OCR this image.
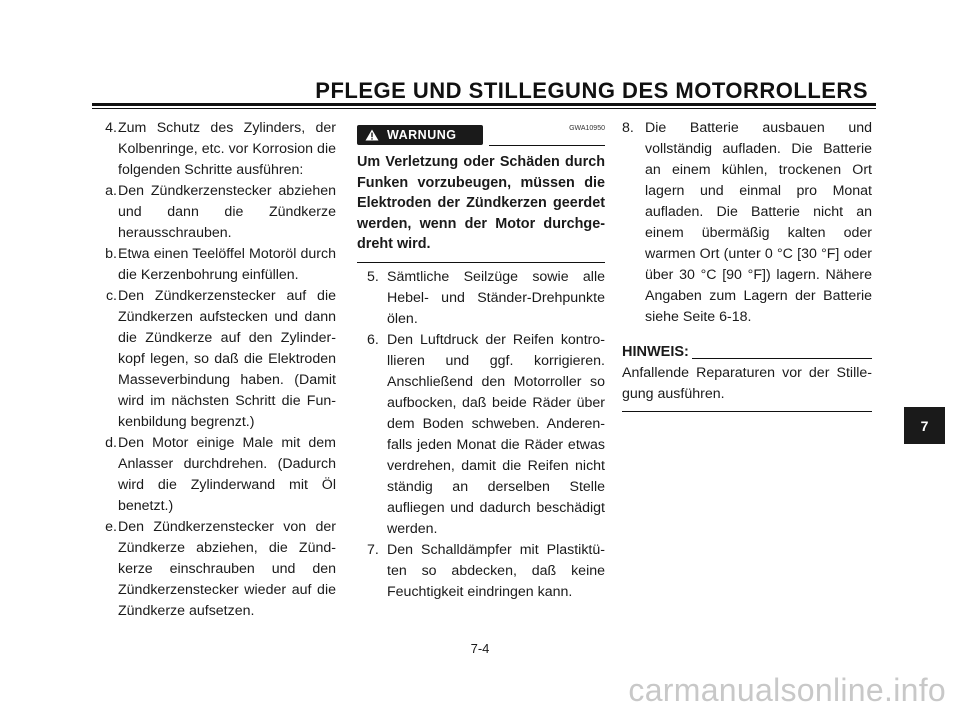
PFLEGE UND STILLEGUNG DES MOTORROLLERS
4. Zum Schutz des Zylinders, der Kolbenringe, etc. vor Korrosion die folgenden Schritte ausführen:
a. Den Zündkerzenstecker abziehen und dann die Zündkerze herausschrauben.
b. Etwa einen Teelöffel Motoröl durch die Kerzenbohrung einfüllen.
c. Den Zündkerzenstecker auf die Zündkerzen aufstecken und dann die Zündkerze auf den Zylinderkopf legen, so daß die Elektroden Masseverbindung haben. (Damit wird im nächsten Schritt die Funkenbildung begrenzt.)
d. Den Motor einige Male mit dem Anlasser durchdrehen. (Dadurch wird die Zylinderwand mit Öl benetzt.)
e. Den Zündkerzenstecker von der Zündkerze abziehen, die Zündkerze einschrauben und den Zündkerzenstecker wieder auf die Zündkerze aufsetzen.
GWA10950
WARNUNG
Um Verletzung oder Schäden durch Funken vorzubeugen, müssen die Elektroden der Zündkerzen geerdet werden, wenn der Motor durchgedreht wird.
5. Sämtliche Seilzüge sowie alle Hebel- und Ständer-Drehpunkte ölen.
6. Den Luftdruck der Reifen kontrollieren und ggf. korrigieren. Anschließend den Motorroller so aufbocken, daß beide Räder über dem Boden schweben. Anderenfalls jeden Monat die Räder etwas verdrehen, damit die Reifen nicht ständig an derselben Stelle aufliegen und dadurch beschädigt werden.
7. Den Schalldämpfer mit Plastiktüten so abdecken, daß keine Feuchtigkeit eindringen kann.
8. Die Batterie ausbauen und vollständig aufladen. Die Batterie an einem kühlen, trockenen Ort lagern und einmal pro Monat aufladen. Die Batterie nicht an einem übermäßig kalten oder warmen Ort (unter 0 °C [30 °F] oder über 30 °C [90 °F]) lagern. Nähere Angaben zum Lagern der Batterie siehe Seite 6-18.
HINWEIS:
Anfallende Reparaturen vor der Stillegung ausführen.
7
7-4
carmanualsonline.info
